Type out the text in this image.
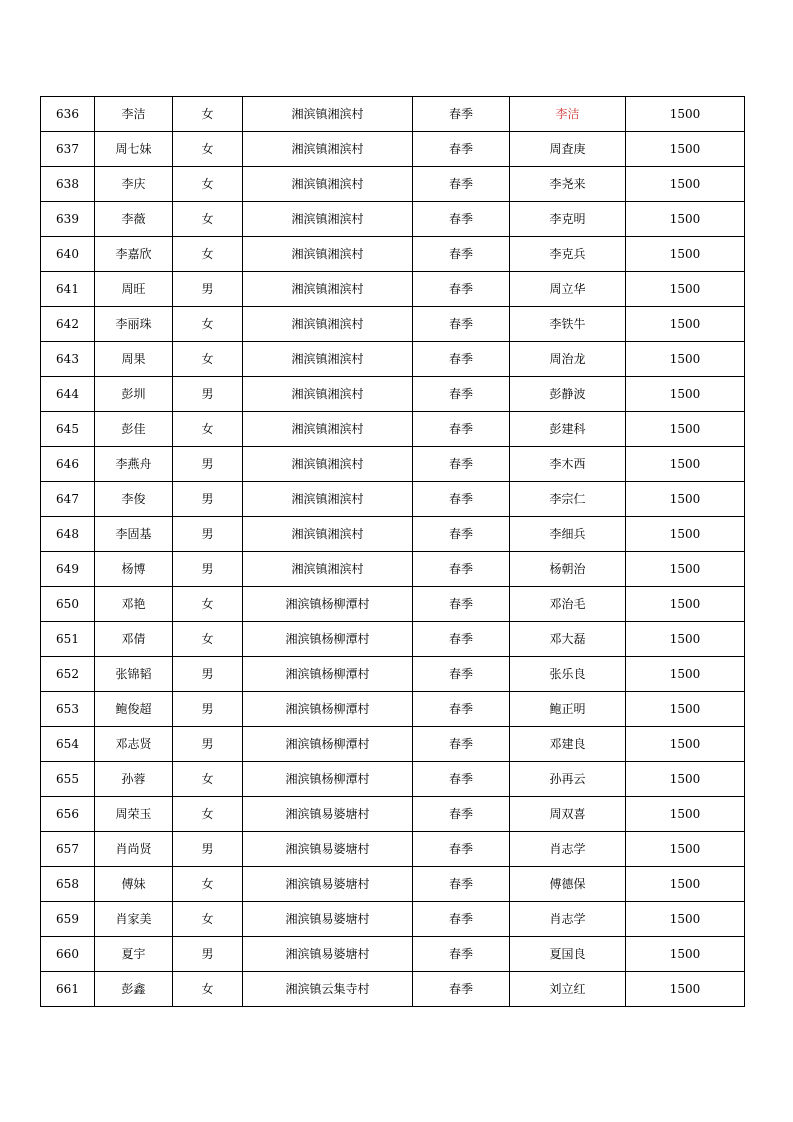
636	李洁	女	湘滨镇湘滨村	春季	李洁	1500
637	周七妹	女	湘滨镇湘滨村	春季	周査庚	1500
638	李庆	女	湘滨镇湘滨村	春季	李尧来	1500
639	李薇	女	湘滨镇湘滨村	春季	李克明	1500
640	李嘉欣	女	湘滨镇湘滨村	春季	李克兵	1500
641	周旺	男	湘滨镇湘滨村	春季	周立华	1500
642	李丽珠	女	湘滨镇湘滨村	春季	李铁牛	1500
643	周果	女	湘滨镇湘滨村	春季	周治龙	1500
644	彭圳	男	湘滨镇湘滨村	春季	彭静波	1500
645	彭佳	女	湘滨镇湘滨村	春季	彭建科	1500
646	李燕舟	男	湘滨镇湘滨村	春季	李木西	1500
647	李俊	男	湘滨镇湘滨村	春季	李宗仁	1500
648	李固基	男	湘滨镇湘滨村	春季	李细兵	1500
649	杨博	男	湘滨镇湘滨村	春季	杨朝治	1500
650	邓艳	女	湘滨镇杨柳潭村	春季	邓治毛	1500
651	邓倩	女	湘滨镇杨柳潭村	春季	邓大磊	1500
652	张锦韬	男	湘滨镇杨柳潭村	春季	张乐良	1500
653	鲍俊超	男	湘滨镇杨柳潭村	春季	鲍正明	1500
654	邓志贤	男	湘滨镇杨柳潭村	春季	邓建良	1500
655	孙蓉	女	湘滨镇杨柳潭村	春季	孙再云	1500
656	周荣玉	女	湘滨镇易婆塘村	春季	周双喜	1500
657	肖尚贤	男	湘滨镇易婆塘村	春季	肖志学	1500
658	傅妹	女	湘滨镇易婆塘村	春季	傅德保	1500
659	肖家美	女	湘滨镇易婆塘村	春季	肖志学	1500
660	夏宇	男	湘滨镇易婆塘村	春季	夏国良	1500
661	彭鑫	女	湘滨镇云集寺村	春季	刘立红	1500
